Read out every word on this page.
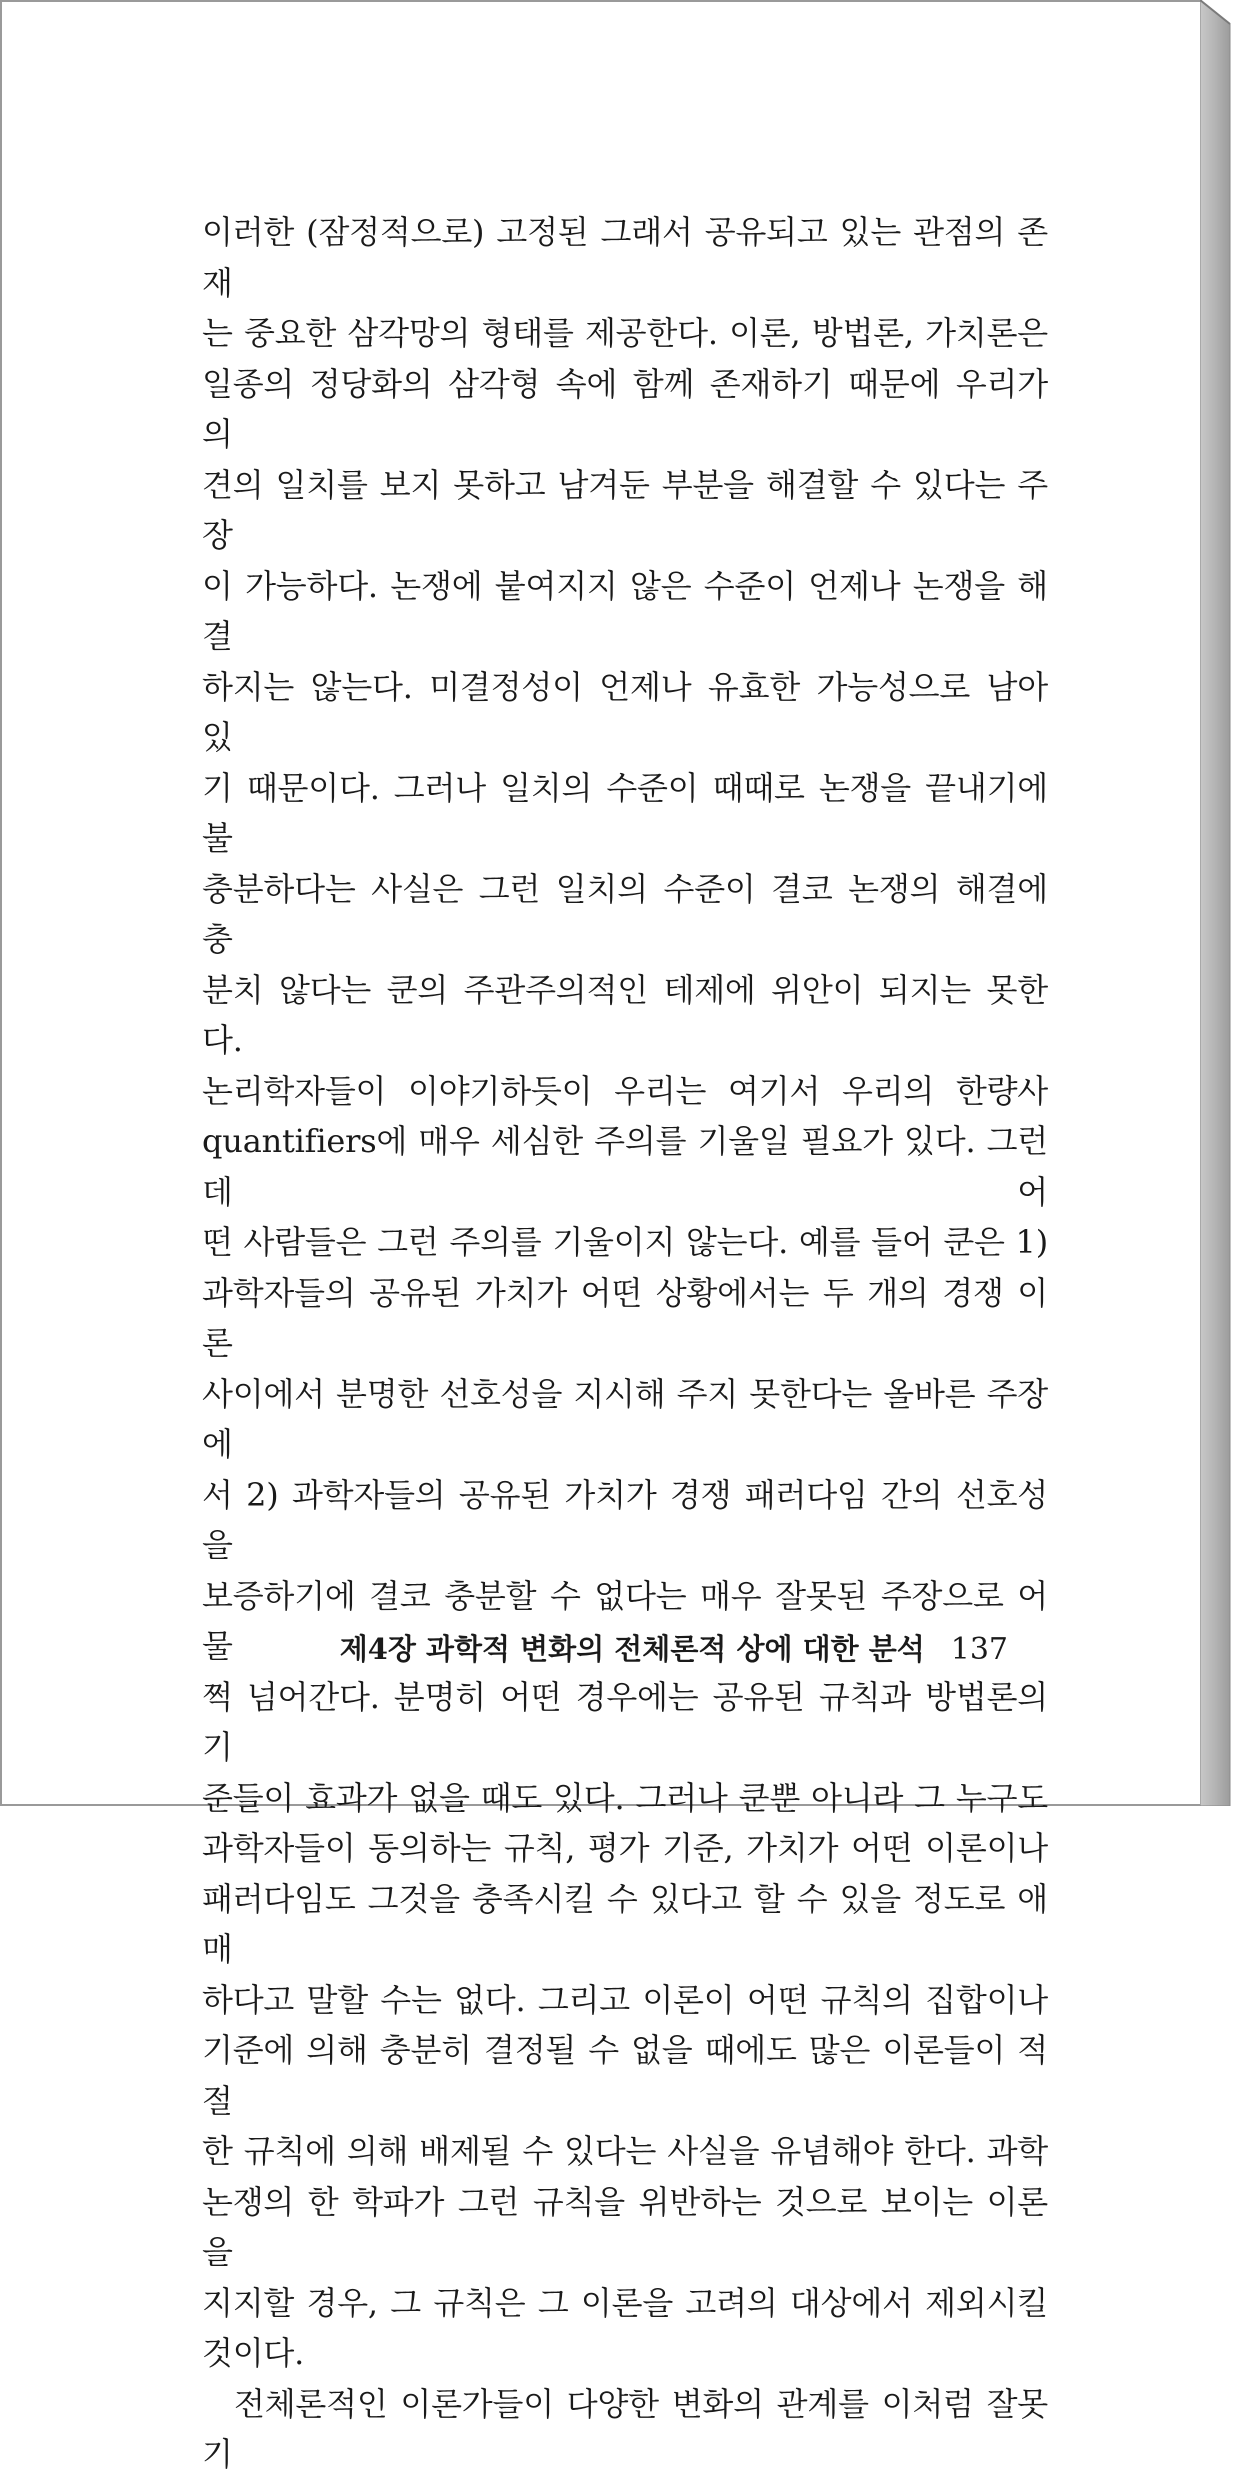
이러한 (잠정적으로) 고정된 그래서 공유되고 있는 관점의 존재

는 중요한 삼각망의 형태를 제공한다. 이론, 방법론, 가치론은

일종의 정당화의 삼각형 속에 함께 존재하기 때문에 우리가 의

견의 일치를 보지 못하고 남겨둔 부분을 해결할 수 있다는 주장

이 가능하다. 논쟁에 붙여지지 않은 수준이 언제나 논쟁을 해결

하지는 않는다. 미결정성이 언제나 유효한 가능성으로 남아 있

기 때문이다. 그러나 일치의 수준이 때때로 논쟁을 끝내기에 불

충분하다는 사실은 그런 일치의 수준이 결코 논쟁의 해결에 충

분치 않다는 쿤의 주관주의적인 테제에 위안이 되지는 못한다.

논리학자들이 이야기하듯이 우리는 여기서 우리의 한량사

quantifiers에 매우 세심한 주의를 기울일 필요가 있다. 그런데 어

떤 사람들은 그런 주의를 기울이지 않는다. 예를 들어 쿤은 1)

과학자들의 공유된 가치가 어떤 상황에서는 두 개의 경쟁 이론

사이에서 분명한 선호성을 지시해 주지 못한다는 올바른 주장에

서 2) 과학자들의 공유된 가치가 경쟁 패러다임 간의 선호성을

보증하기에 결코 충분할 수 없다는 매우 잘못된 주장으로 어물

쩍 넘어간다. 분명히 어떤 경우에는 공유된 규칙과 방법론의 기

준들이 효과가 없을 때도 있다. 그러나 쿤뿐 아니라 그 누구도

과학자들이 동의하는 규칙, 평가 기준, 가치가 어떤 이론이나

패러다임도 그것을 충족시킬 수 있다고 할 수 있을 정도로 애매

하다고 말할 수는 없다. 그리고 이론이 어떤 규칙의 집합이나

기준에 의해 충분히 결정될 수 없을 때에도 많은 이론들이 적절

한 규칙에 의해 배제될 수 있다는 사실을 유념해야 한다. 과학

논쟁의 한 학파가 그런 규칙을 위반하는 것으로 보이는 이론을

지지할 경우, 그 규칙은 그 이론을 고려의 대상에서 제외시킬

것이다.

전체론적인 이론가들이 다양한 변화의 관계를 이처럼 잘못 기

제4장 과학적 변화의 전체론적 상에 대한 분석 137
